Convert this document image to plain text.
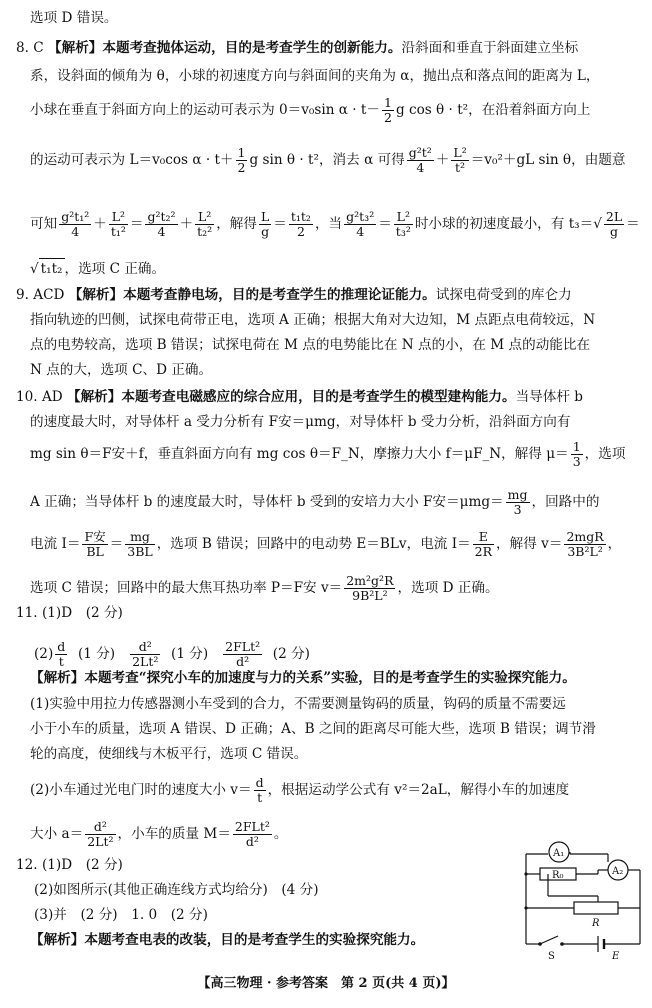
选项 D 错误。
8. C 【解析】本题考查抛体运动，目的是考查学生的创新能力。沿斜面和垂直于斜面建立坐标
系，设斜面的倾角为 θ，小球的初速度方向与斜面间的夹角为 α，抛出点和落点间的距离为 L，
小球在垂直于斜面方向上的运动可表示为 0＝v₀sin $\alpha \cdot t- \frac{1}{2}$ g cos θ · t²，在沿着斜面方向上
的运动可表示为 L＝v₀cos $\alpha \cdot t+ \frac{1}{2}$ g sin θ · t²，消去 α 可得 $\frac{\text{g²t²}}{4} + \frac{\text{L²}}{\text{t²}} =v_0^2+gL$ sin θ，由题意
可知 $\frac{\text{g²t₁²}}{4} + \frac{\text{L²}}{\text{t₁²}} = \frac{\text{g²t₂²}}{4} + \frac{\text{L²}}{\text{t₂²}}$ ，解得 $\frac{L}{g} = \frac{\text{t₁t₂}}{2}$ ，当 $\frac{\text{g²t₃²}}{4} = \frac{\text{L²}}{\text{t₃²}}$ 时小球的初速度最小，有 $t_3=√ \frac{2L}{g}$ ＝
√ t₁t₂ ，选项 C 正确。
9. ACD 【解析】本题考查静电场，目的是考查学生的推理论证能力。试探电荷受到的库仑力
指向轨迹的凹侧，试探电荷带正电，选项 A 正确；根据大角对大边知，M 点距点电荷较远，N
点的电势较高，选项 B 错误；试探电荷在 M 点的电势能比在 N 点的小，在 M 点的动能比在
N 点的大，选项 C、D 正确。
10. AD 【解析】本题考查电磁感应的综合应用，目的是考查学生的模型建构能力。当导体杆 b
的速度最大时，对导体杆 a 受力分析有 F安＝μmg，对导体杆 b 受力分析，沿斜面方向有
mg sin θ＝F安＋f，垂直斜面方向有 mg cos θ＝F_N，摩擦力大小 f＝μF_N，解得 $\mu= \frac{1}{3}$ ，选项
A 正确；当导体杆 b 的速度最大时，导体杆 b 受到的安培力大小 F安$=\mu mg= \frac{mg}{3}$ ，回路中的
电流 $I= \frac{\text{F安}}{BL} = \frac{mg}{3BL}$ ，选项 B 错误；回路中的电动势 E＝BLv，电流 $I= \frac{E}{2R}$ ，解得 $v= \frac{\text{2mgR}}{\text{3B²L²}}$ ，
选项 C 错误；回路中的最大焦耳热功率 P＝F安 $v= \frac{\text{2m²g²R}}{\text{9B²L²}}$ ，选项 D 正确。
11. (1)D　(2 分)
$(2) \frac{d}{t} (1$ 分) $\frac{\text{d²}}{\text{2Lt²}} (1$ 分) $\frac{\text{2FLt²}}{\text{d²}} (2$ 分)
【解析】本题考查“探究小车的加速度与力的关系”实验，目的是考查学生的实验探究能力。
(1)实验中用拉力传感器测小车受到的合力，不需要测量钩码的质量，钩码的质量不需要远
小于小车的质量，选项 A 错误、D 正确；A、B 之间的距离尽可能大些，选项 B 错误；调节滑
轮的高度，使细线与木板平行，选项 C 错误。
(2)小车通过光电门时的速度大小 $v= \frac{d}{t}$ ，根据运动学公式有 v²＝2aL，解得小车的加速度
大小 $a= \frac{\text{d²}}{\text{2Lt²}}$ ，小车的质量 $M= \frac{\text{2FLt²}}{\text{d²}}$ 。
12. (1)D　(2 分)
(2)如图所示(其他正确连线方式均给分)　(4 分)
(3)并　(2 分)　1. 0　(2 分)
【解析】本题考查电表的改装，目的是考查学生的实验探究能力。
A₁
A₂
R₀
R
S	E
【高三物理 · 参考答案　第 2 页(共 4 页)】
